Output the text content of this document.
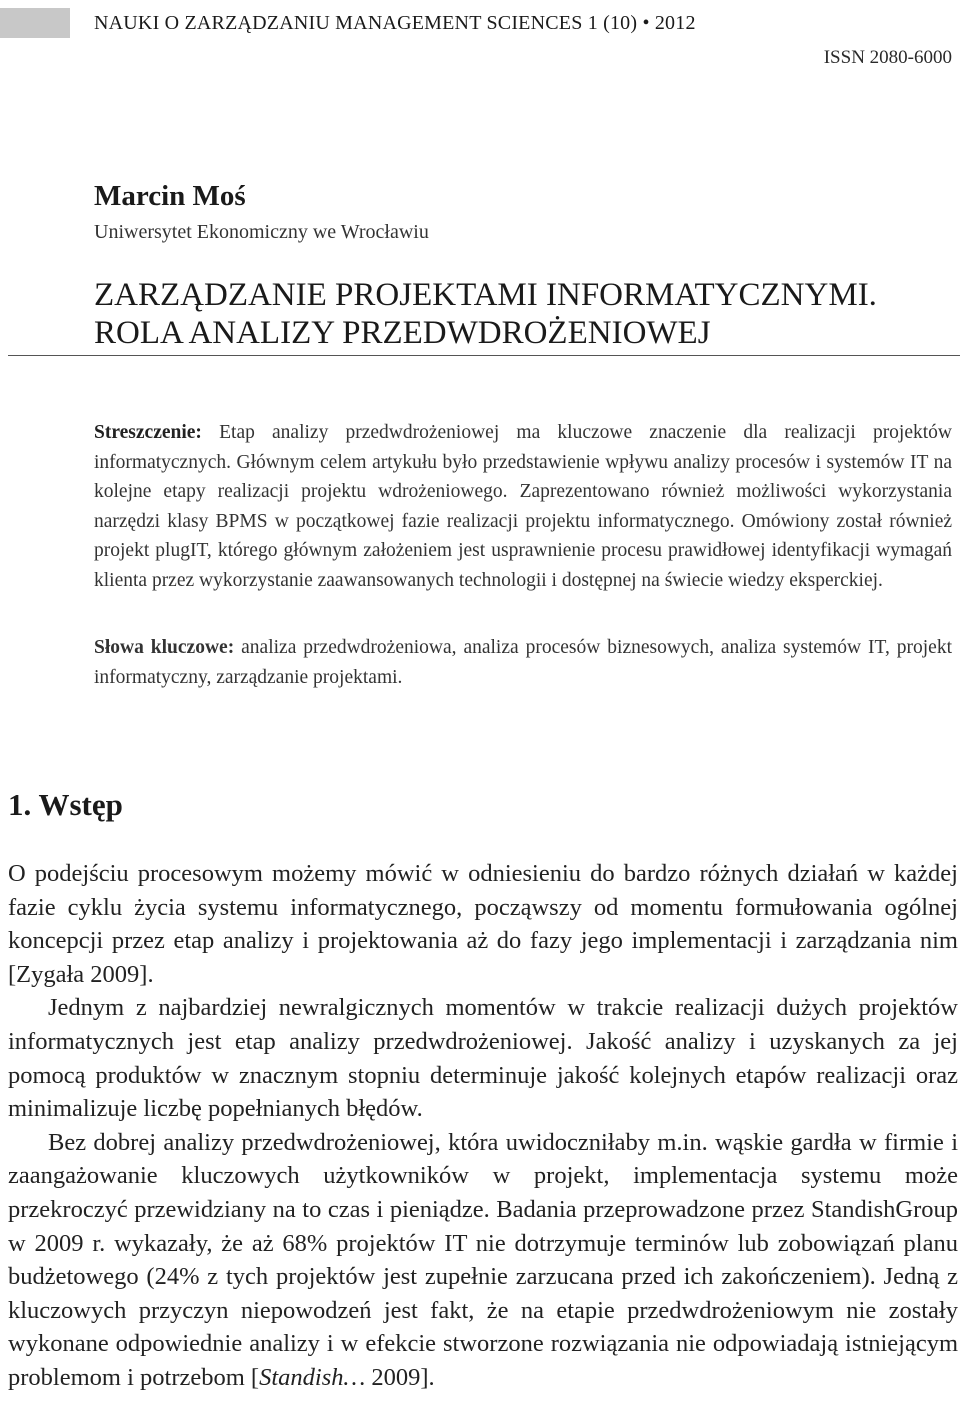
NAUKI O ZARZĄDZANIU MANAGEMENT SCIENCES 1 (10) • 2012
ISSN 2080-6000
Marcin Moś
Uniwersytet Ekonomiczny we Wrocławiu
ZARZĄDZANIE PROJEKTAMI INFORMATYCZNYMI.
ROLA ANALIZY PRZEDWDROŻENIOWEJ
Streszczenie: Etap analizy przedwdrożeniowej ma kluczowe znaczenie dla realizacji projektów informatycznych. Głównym celem artykułu było przedstawienie wpływu analizy procesów i systemów IT na kolejne etapy realizacji projektu wdrożeniowego. Zaprezentowano również możliwości wykorzystania narzędzi klasy BPMS w początkowej fazie realizacji projektu informatycznego. Omówiony został również projekt plugIT, którego głównym założeniem jest usprawnienie procesu prawidłowej identyfikacji wymagań klienta przez wykorzystanie zaawansowanych technologii i dostępnej na świecie wiedzy eksperckiej.
Słowa kluczowe: analiza przedwdrożeniowa, analiza procesów biznesowych, analiza systemów IT, projekt informatyczny, zarządzanie projektami.
1. Wstęp

O podejściu procesowym możemy mówić w odniesieniu do bardzo różnych działań w każdej fazie cyklu życia systemu informatycznego, począwszy od momentu formułowania ogólnej koncepcji przez etap analizy i projektowania aż do fazy jego implementacji i zarządzania nim [Zygała 2009].

Jednym z najbardziej newralgicznych momentów w trakcie realizacji dużych projektów informatycznych jest etap analizy przedwdrożeniowej. Jakość analizy i uzyskanych za jej pomocą produktów w znacznym stopniu determinuje jakość kolejnych etapów realizacji oraz minimalizuje liczbę popełnianych błędów.

Bez dobrej analizy przedwdrożeniowej, która uwidoczniłaby m.in. wąskie gardła w firmie i zaangażowanie kluczowych użytkowników w projekt, implementacja systemu może przekroczyć przewidziany na to czas i pieniądze. Badania przeprowadzone przez StandishGroup w 2009 r. wykazały, że aż 68% projektów IT nie dotrzymuje terminów lub zobowiązań planu budżetowego (24% z tych projektów jest zupełnie zarzucana przed ich zakończeniem). Jedną z kluczowych przyczyn niepowodzeń jest fakt, że na etapie przedwdrożeniowym nie zostały wykonane odpowiednie analizy i w efekcie stworzone rozwiązania nie odpowiadają istniejącym problemom i potrzebom [Standish… 2009].
